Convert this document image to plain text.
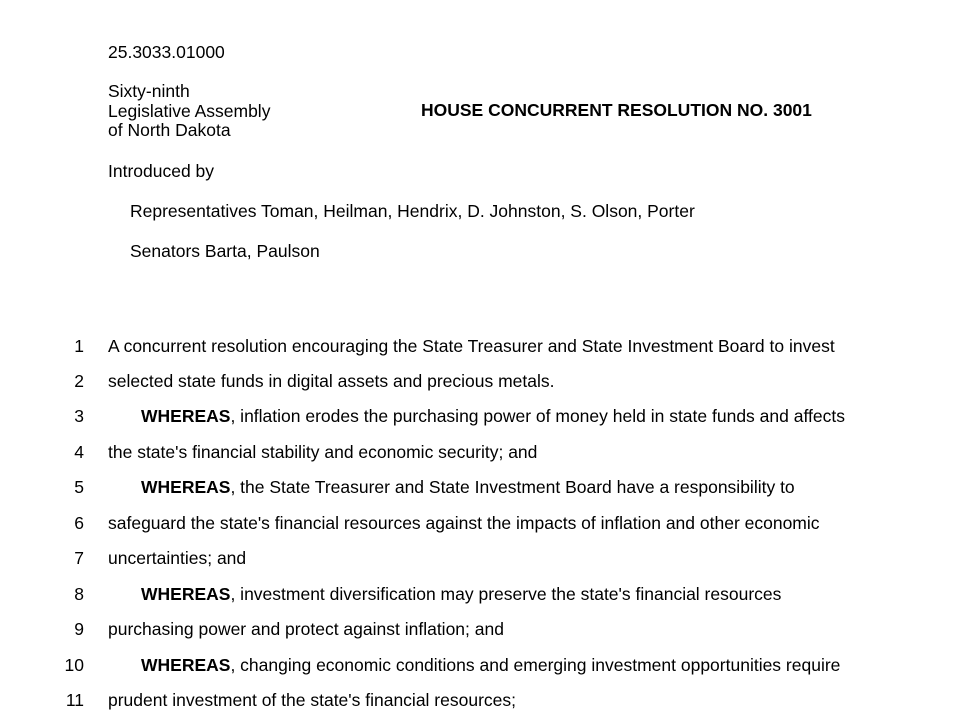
25.3033.01000
Sixty-ninth
Legislative Assembly
of North Dakota
HOUSE CONCURRENT RESOLUTION NO. 3001
Introduced by
Representatives Toman, Heilman, Hendrix, D. Johnston, S. Olson, Porter
Senators Barta, Paulson
1 A concurrent resolution encouraging the State Treasurer and State Investment Board to invest
2 selected state funds in digital assets and precious metals.
3	WHEREAS, inflation erodes the purchasing power of money held in state funds and affects
4 the state's financial stability and economic security; and
5	WHEREAS, the State Treasurer and State Investment Board have a responsibility to
6 safeguard the state's financial resources against the impacts of inflation and other economic
7 uncertainties; and
8	WHEREAS, investment diversification may preserve the state's financial resources
9 purchasing power and protect against inflation; and
10	WHEREAS, changing economic conditions and emerging investment opportunities require
11 prudent investment of the state's financial resources;
